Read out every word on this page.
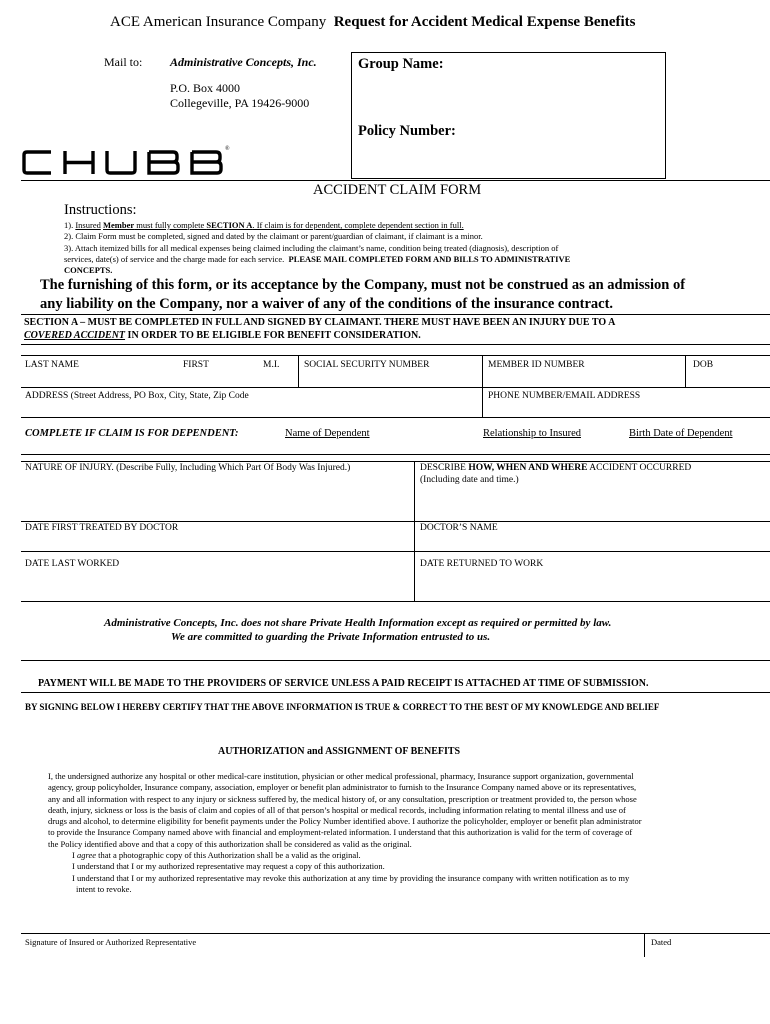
ACE American Insurance Company Request for Accident Medical Expense Benefits
Mail to: Administrative Concepts, Inc.
P.O. Box 4000
Collegeville, PA 19426-9000
Group Name:
Policy Number:
®
ACCIDENT CLAIM FORM
Instructions:
1). Insured Member must fully complete SECTION A. If claim is for dependent, complete dependent section in full.
2). Claim Form must be completed, signed and dated by the claimant or parent/guardian of claimant, if claimant is a minor.
3). Attach itemized bills for all medical expenses being claimed including the claimant’s name, condition being treated (diagnosis), description of
services, date(s) of service and the charge made for each service. PLEASE MAIL COMPLETED FORM AND BILLS TO ADMINISTRATIVE
CONCEPTS.
The furnishing of this form, or its acceptance by the Company, must not be construed as an admission of
any liability on the Company, nor a waiver of any of the conditions of the insurance contract.
SECTION A – MUST BE COMPLETED IN FULL AND SIGNED BY CLAIMANT. THERE MUST HAVE BEEN AN INJURY DUE TO A
COVERED ACCIDENT IN ORDER TO BE ELIGIBLE FOR BENEFIT CONSIDERATION.
LAST NAME	FIRST	M.I.	SOCIAL SECURITY NUMBER	MEMBER ID NUMBER	DOB
ADDRESS (Street Address, PO Box, City, State, Zip Code	PHONE NUMBER/EMAIL ADDRESS
COMPLETE IF CLAIM IS FOR DEPENDENT:	Name of Dependent	Relationship to Insured	Birth Date of Dependent
NATURE OF INJURY. (Describe Fully, Including Which Part Of Body Was Injured.)	DESCRIBE HOW, WHEN AND WHERE ACCIDENT OCCURRED
(Including date and time.)
DATE FIRST TREATED BY DOCTOR	DOCTOR’S NAME
DATE LAST WORKED	DATE RETURNED TO WORK
Administrative Concepts, Inc. does not share Private Health Information except as required or permitted by law.
We are committed to guarding the Private Information entrusted to us.
PAYMENT WILL BE MADE TO THE PROVIDERS OF SERVICE UNLESS A PAID RECEIPT IS ATTACHED AT TIME OF SUBMISSION.
BY SIGNING BELOW I HEREBY CERTIFY THAT THE ABOVE INFORMATION IS TRUE & CORRECT TO THE BEST OF MY KNOWLEDGE AND BELIEF
AUTHORIZATION and ASSIGNMENT OF BENEFITS
I, the undersigned authorize any hospital or other medical-care institution, physician or other medical professional, pharmacy, Insurance support organization, governmental
agency, group policyholder, Insurance company, association, employer or benefit plan administrator to furnish to the Insurance Company named above or its representatives,
any and all information with respect to any injury or sickness suffered by, the medical history of, or any consultation, prescription or treatment provided to, the person whose
death, injury, sickness or loss is the basis of claim and copies of all of that person’s hospital or medical records, including information relating to mental illness and use of
drugs and alcohol, to determine eligibility for benefit payments under the Policy Number identified above. I authorize the policyholder, employer or benefit plan administrator
to provide the Insurance Company named above with financial and employment-related information. I understand that this authorization is valid for the term of coverage of
the Policy identified above and that a copy of this authorization shall be considered as valid as the original.
I agree that a photographic copy of this Authorization shall be a valid as the original.
I understand that I or my authorized representative may request a copy of this authorization.
I understand that I or my authorized representative may revoke this authorization at any time by providing the insurance company with written notification as to my
intent to revoke.
Signature of Insured or Authorized Representative	Dated
